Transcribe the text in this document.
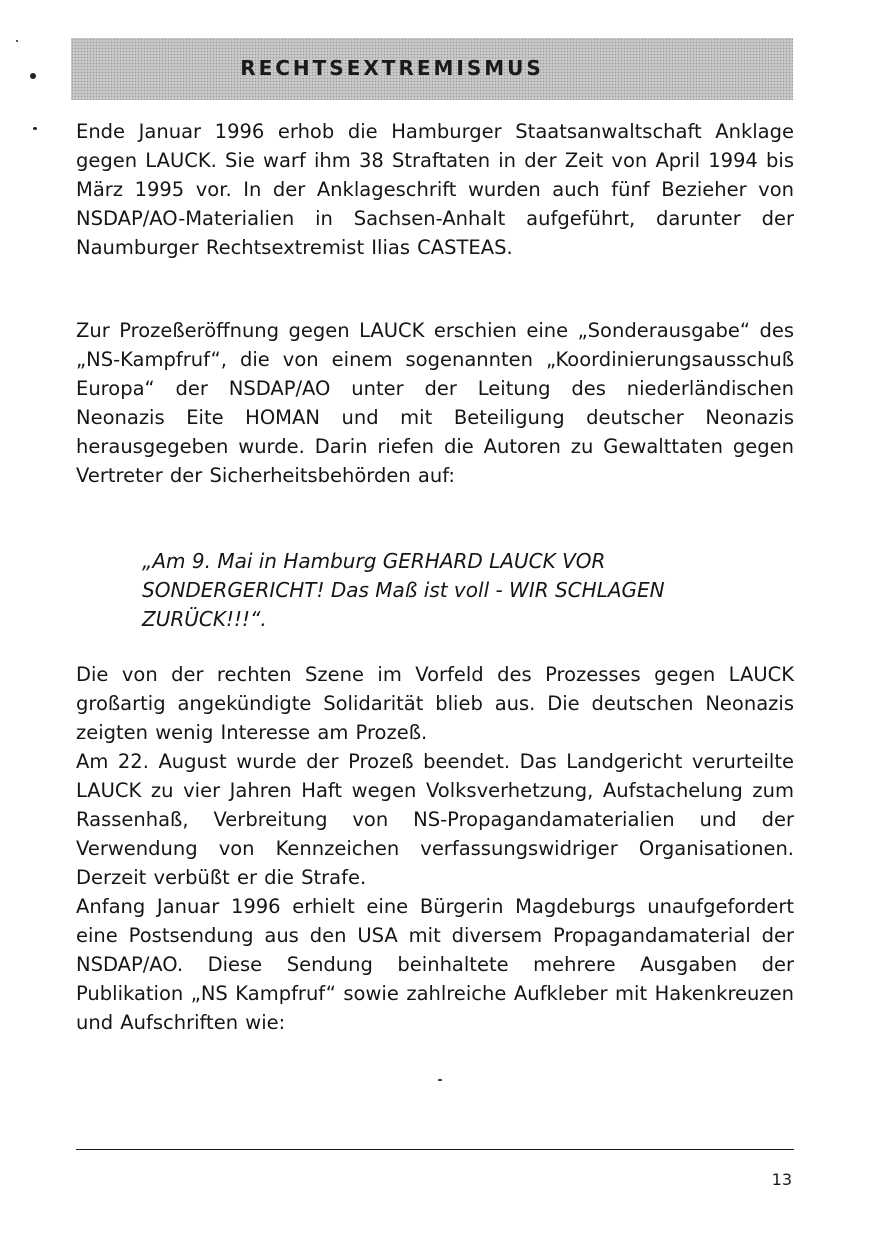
RECHTSEXTREMISMUS

Ende Januar 1996 erhob die Hamburger Staatsanwaltschaft Anklage gegen LAUCK. Sie warf ihm 38 Straftaten in der Zeit von April 1994 bis März 1995 vor. In der Anklageschrift wurden auch fünf Bezieher von NSDAP/AO-Materialien in Sachsen-Anhalt aufgeführt, darunter der Naumburger Rechtsextremist Ilias CASTEAS.

Zur Prozeßeröffnung gegen LAUCK erschien eine „Sonderausgabe“ des „NS-Kampfruf“, die von einem sogenannten „Koordinierungsausschuß Europa“ der NSDAP/AO unter der Leitung des niederländischen Neonazis Eite HOMAN und mit Beteiligung deutscher Neonazis herausgegeben wurde. Darin riefen die Autoren zu Gewalttaten gegen Vertreter der Sicherheitsbehörden auf:

„Am 9. Mai in Hamburg GERHARD LAUCK VOR SONDERGERICHT! Das Maß ist voll - WIR SCHLAGEN ZURÜCK!!!“.

Die von der rechten Szene im Vorfeld des Prozesses gegen LAUCK großartig angekündigte Solidarität blieb aus. Die deutschen Neonazis zeigten wenig Interesse am Prozeß.

Am 22. August wurde der Prozeß beendet. Das Landgericht verurteilte LAUCK zu vier Jahren Haft wegen Volksverhetzung, Aufstachelung zum Rassenhaß, Verbreitung von NS-Propagandamaterialien und der Verwendung von Kennzeichen verfassungswidriger Organisationen. Derzeit verbüßt er die Strafe.

Anfang Januar 1996 erhielt eine Bürgerin Magdeburgs unaufgefordert eine Postsendung aus den USA mit diversem Propagandamaterial der NSDAP/AO. Diese Sendung beinhaltete mehrere Ausgaben der Publikation „NS Kampfruf“ sowie zahlreiche Aufkleber mit Hakenkreuzen und Aufschriften wie:

13
